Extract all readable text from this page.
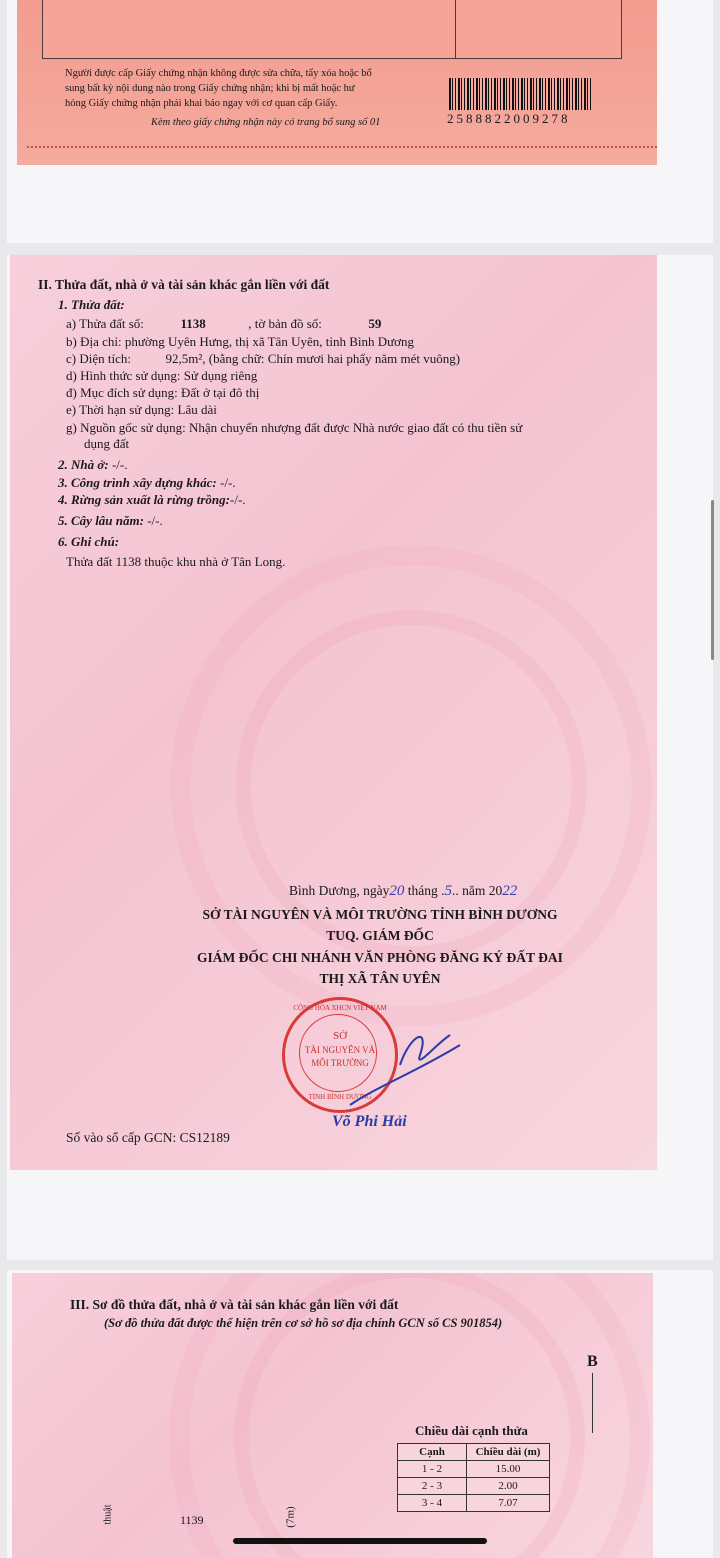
Người được cấp Giấy chứng nhận không được sửa chữa, tẩy xóa hoặc bổ
sung bất kỳ nội dung nào trong Giấy chứng nhận; khi bị mất hoặc hư
hỏng Giấy chứng nhận phải khai báo ngay với cơ quan cấp Giấy.
2588822009278
Kèm theo giấy chứng nhận này có trang bổ sung số 01
II. Thửa đất, nhà ở và tài sản khác gắn liền với đất
1. Thửa đất:
a) Thửa đất số:	1138	, tờ bản đồ số:	59
b) Địa chỉ: phường Uyên Hưng, thị xã Tân Uyên, tỉnh Bình Dương
c) Diện tích:	92,5m², (bằng chữ: Chín mươi hai phẩy năm mét vuông)
d) Hình thức sử dụng: Sử dụng riêng
đ) Mục đích sử dụng: Đất ở tại đô thị
e) Thời hạn sử dụng: Lâu dài
g) Nguồn gốc sử dụng: Nhận chuyển nhượng đất được Nhà nước giao đất có thu tiền sử
dụng đất
2. Nhà ở: -/-.
3. Công trình xây dựng khác: -/-.
4. Rừng sản xuất là rừng trồng:-/-.
5. Cây lâu năm: -/-.
6. Ghi chú:
Thửa đất 1138 thuộc khu nhà ở Tân Long.
Bình Dương, ngày20 tháng .5.. năm 2022
SỞ TÀI NGUYÊN VÀ MÔI TRƯỜNG TỈNH BÌNH DƯƠNG
TUQ. GIÁM ĐỐC
GIÁM ĐỐC CHI NHÁNH VĂN PHÒNG ĐĂNG KÝ ĐẤT ĐAI
THỊ XÃ TÂN UYÊN
CỘNG HÒA XHCN VIỆT NAM
SỞ
TÀI NGUYÊN VÀ
MÔI TRƯỜNG
TỈNH BÌNH DƯƠNG
Võ Phi Hải
Số vào sổ cấp GCN: CS12189
III. Sơ đồ thửa đất, nhà ở và tài sản khác gắn liền với đất
(Sơ đồ thửa đất được thể hiện trên cơ sở hồ sơ địa chính GCN số CS 901854)
B
Chiều dài cạnh thửa
Cạnh	Chiều dài (m)
1 - 2	15.00
2 - 3	2.00
3 - 4	7.07
1139
thuật	(7m)
